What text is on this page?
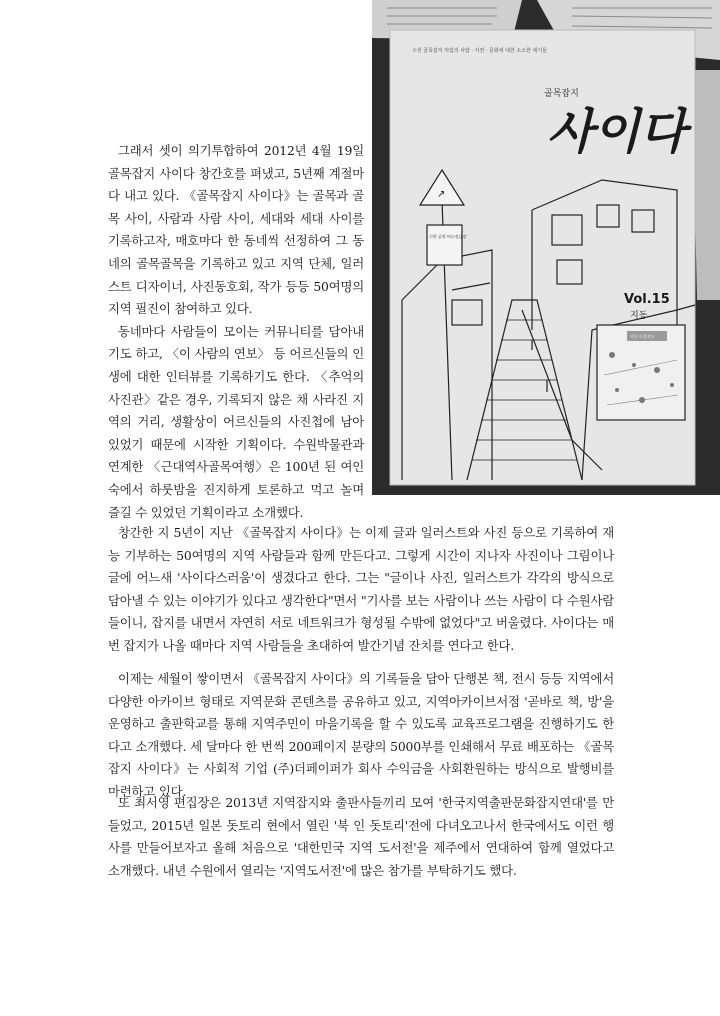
수원 골목잡지 처럼의 사람 · 자연 · 문화에 대한 소소한 애기들
골목잡지
사이다
↗
신풍 공원 버스정류장
Vol.15
지동
지동 마을지도

그래서 셋이 의기투합하여 2012년 4월 19일 골목잡지 사이다 창간호를 펴냈고, 5년째 계절마다 내고 있다. 《골목잡지 사이다》는 골목과 골목 사이, 사람과 사람 사이, 세대와 세대 사이를 기록하고자, 매호마다 한 동네씩 선정하여 그 동네의 골목골목을 기록하고 있고 지역 단체, 일러스트 디자이너, 사진동호회, 작가 등등 50여명의 지역 필진이 참여하고 있다.

동네마다 사람들이 모이는 커뮤니티를 담아내기도 하고, 〈이 사람의 연보〉 등 어르신들의 인생에 대한 인터뷰를 기록하기도 한다. 〈추억의 사진관〉같은 경우, 기록되지 않은 채 사라진 지역의 거리, 생활상이 어르신들의 사진첩에 남아 있었기 때문에 시작한 기획이다. 수원박물관과 연계한 〈근대역사골목여행〉은 100년 된 여인숙에서 하룻밤을 진지하게 토론하고 먹고 놀며 즐길 수 있었던 기획이라고 소개했다.

창간한 지 5년이 지난 《골목잡지 사이다》는 이제 글과 일러스트와 사진 등으로 기록하여 재능 기부하는 50여명의 지역 사람들과 함께 만든다고. 그렇게 시간이 지나자 사진이나 그림이나 글에 어느새 '사이다스러움'이 생겼다고 한다. 그는 "글이나 사진, 일러스트가 각각의 방식으로 담아낼 수 있는 이야기가 있다고 생각한다"면서 "기사를 보는 사람이나 쓰는 사람이 다 수원사람들이니, 잡지를 내면서 자연히 서로 네트워크가 형성될 수밖에 없었다"고 버울렸다. 사이다는 매번 잡지가 나올 때마다 지역 사람들을 초대하여 발간기념 잔치를 연다고 한다.

이제는 세월이 쌓이면서 《골목잡지 사이다》의 기록들을 담아 단행본 책, 전시 등등 지역에서 다양한 아카이브 형태로 지역문화 콘텐츠를 공유하고 있고, 지역아카이브서점 '곧바로 책, 방'을 운영하고 출판학교를 통해 지역주민이 마을기록을 할 수 있도록 교육프로그램을 진행하기도 한다고 소개했다. 세 달마다 한 번씩 200페이지 분량의 5000부를 인쇄해서 무료 배포하는 《골목잡지 사이다》는 사회적 기업 (주)더페이퍼가 회사 수익금을 사회환원하는 방식으로 발행비를 마련하고 있다.

또 최서영 편집장은 2013년 지역잡지와 출판사들끼리 모여 '한국지역출판문화잡지연대'를 만들었고, 2015년 일본 돗토리 현에서 열린 '북 인 돗토리'전에 다녀오고나서 한국에서도 이런 행사를 만들어보자고 올해 처음으로 '대한민국 지역 도서전'을 제주에서 연대하여 함께 열었다고 소개했다. 내년 수원에서 열리는 '지역도서전'에 많은 참가를 부탁하기도 했다.
